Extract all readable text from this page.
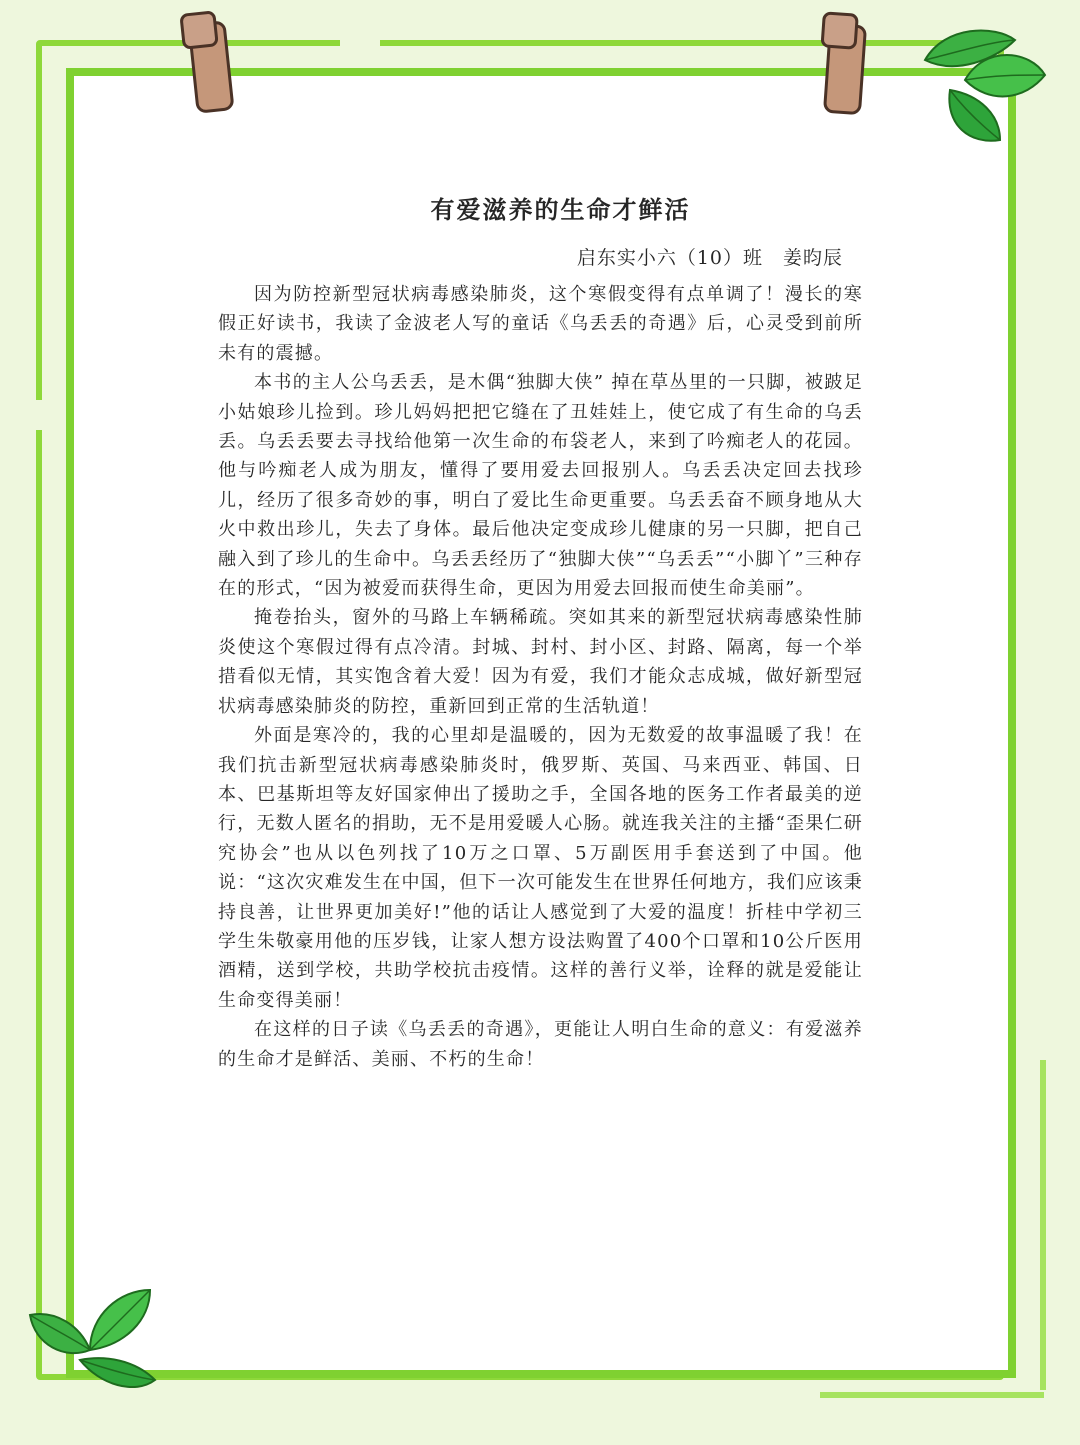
有爱滋养的生命才鲜活
启东实小六（10）班　姜昀辰

因为防控新型冠状病毒感染肺炎，这个寒假变得有点单调了！漫长的寒假正好读书，我读了金波老人写的童话《乌丢丢的奇遇》后，心灵受到前所未有的震撼。

本书的主人公乌丢丢，是木偶“独脚大侠” 掉在草丛里的一只脚，被跛足小姑娘珍儿捡到。珍儿妈妈把把它缝在了丑娃娃上，使它成了有生命的乌丢丢。乌丢丢要去寻找给他第一次生命的布袋老人，来到了吟痴老人的花园。他与吟痴老人成为朋友，懂得了要用爱去回报别人。乌丢丢决定回去找珍儿，经历了很多奇妙的事，明白了爱比生命更重要。乌丢丢奋不顾身地从大火中救出珍儿，失去了身体。最后他决定变成珍儿健康的另一只脚，把自己融入到了珍儿的生命中。乌丢丢经历了“独脚大侠”“乌丢丢”“小脚丫”三种存在的形式，“因为被爱而获得生命，更因为用爱去回报而使生命美丽”。

掩卷抬头，窗外的马路上车辆稀疏。突如其来的新型冠状病毒感染性肺炎使这个寒假过得有点冷清。封城、封村、封小区、封路、隔离，每一个举措看似无情，其实饱含着大爱！因为有爱，我们才能众志成城，做好新型冠状病毒感染肺炎的防控，重新回到正常的生活轨道！

外面是寒冷的，我的心里却是温暖的，因为无数爱的故事温暖了我！在我们抗击新型冠状病毒感染肺炎时，俄罗斯、英国、马来西亚、韩国、日本、巴基斯坦等友好国家伸出了援助之手，全国各地的医务工作者最美的逆行，无数人匿名的捐助，无不是用爱暖人心肠。就连我关注的主播“歪果仁研究协会”也从以色列找了10万之口罩、5万副医用手套送到了中国。他说：“这次灾难发生在中国，但下一次可能发生在世界任何地方，我们应该秉持良善，让世界更加美好!”他的话让人感觉到了大爱的温度！折桂中学初三学生朱敬豪用他的压岁钱，让家人想方设法购置了400个口罩和10公斤医用酒精，送到学校，共助学校抗击疫情。这样的善行义举，诠释的就是爱能让生命变得美丽！

在这样的日子读《乌丢丢的奇遇》，更能让人明白生命的意义：有爱滋养的生命才是鲜活、美丽、不朽的生命！
